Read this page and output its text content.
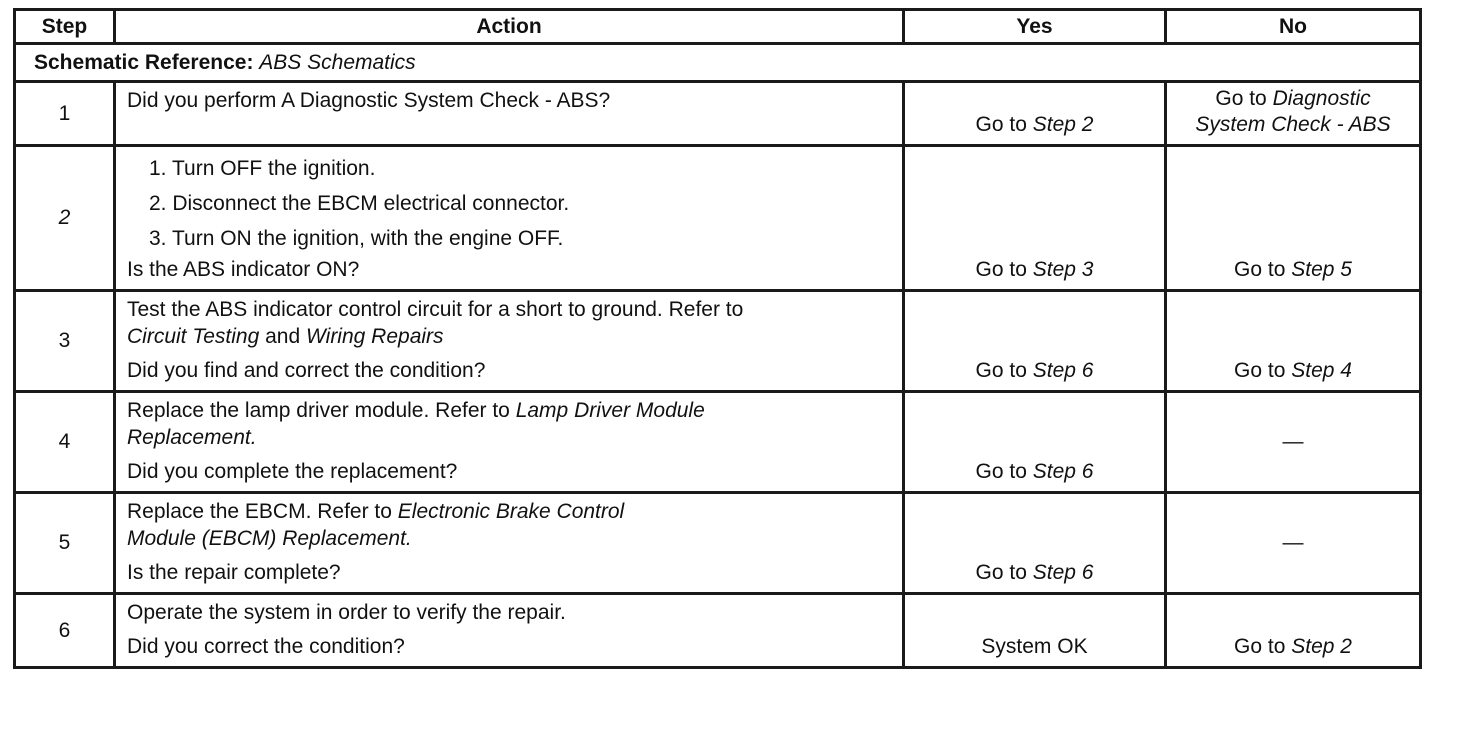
Step	Action	Yes	No
Schematic Reference: ABS Schematics			
1	Did you perform A Diagnostic System Check - ABS?	Go to Step 2	Go to Diagnostic
System Check - ABS

2	1. Turn OFF the ignition.
2. Disconnect the EBCM electrical connector.
3. Turn ON the ignition, with the engine OFF.
Is the ABS indicator ON?	Go to Step 3	Go to Step 5
3	Test the ABS indicator control circuit for a short to ground. Refer to
Circuit Testing and Wiring Repairs
Did you find and correct the condition?	Go to Step 6	Go to Step 4
4	Replace the lamp driver module. Refer to Lamp Driver Module
Replacement.
Did you complete the replacement?	Go to Step 6	—
5	Replace the EBCM. Refer to Electronic Brake Control
Module (EBCM) Replacement.
Is the repair complete?	Go to Step 6	—
6	Operate the system in order to verify the repair.
Did you correct the condition?	System OK	Go to Step 2
